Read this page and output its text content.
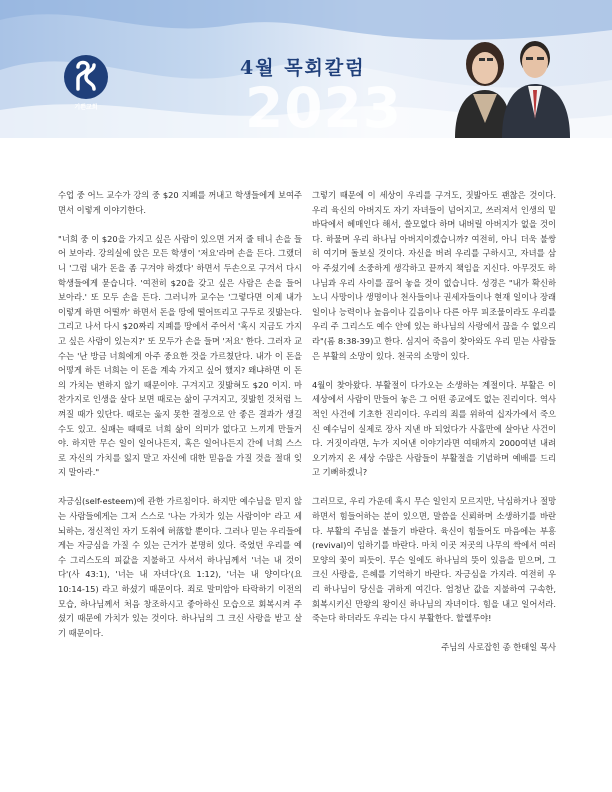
기쁜교회
4월 목회칼럼
2023

수업 중 어느 교수가 강의 중 $20 지폐를 꺼내고 학생들에게 보여주면서 이렇게 이야기한다.

"너희 중 이 $20을 가지고 싶은 사람이 있으면 거저 줄 테니 손을 들어 보아라. 강의실에 앉은 모든 학생이 '저요'라며 손을 든다. 그랬더니 '그럼 내가 돈을 좀 구겨야 하겠다' 하면서 두손으로 구겨서 다시 학생들에게 묻습니다. '여전히 $20을 갖고 싶은 사람은 손을 들어 보아라.' 또 모두 손을 든다. 그러니까 교수는 '그렇다면 이제 내가 이렇게 하면 어떨까' 하면서 돈을 땅에 떨어뜨리고 구두로 짓밟는다. 그리고 나서 다시 $20짜리 지폐를 땅에서 주어서 '혹시 지금도 가지고 싶은 사람이 있는지?' 또 모두가 손을 들며 '저요' 한다. 그러자 교수는 '난 방금 너희에게 아주 중요한 것을 가르쳤단다. 내가 이 돈을 어떻게 하든 너희는 이 돈을 계속 가지고 싶어 했지? 왜냐하면 이 돈의 가치는 변하지 않기 때문이야. 구겨지고 짓밟혀도 $20 이지. 마찬가지로 인생을 살다 보면 때로는 삶이 구겨지고, 짓밟힌 것처럼 느껴질 때가 있단다. 때로는 옳지 못한 결정으로 안 좋은 결과가 생길 수도 있고. 실패는 때때로 너희 삶이 의미가 없다고 느끼게 만들거야. 하지만 무슨 일이 일어나든지, 혹은 일어나든지 간에 너희 스스로 자신의 가치를 잃지 말고 자신에 대한 믿음을 가질 것을 절대 잊지 말아라."

자긍심(self-esteem)에 관한 가르침이다. 하지만 예수님을 믿지 않는 사람들에게는 그저 스스로 '나는 가치가 있는 사람이야' 라고 세뇌하는, 정신적인 자기 도취에 허落할 뿐이다. 그러나 믿는 우리들에게는 자긍심을 가질 수 있는 근거가 분명히 있다. 죽었던 우리를 예수 그리스도의 피값을 지불하고 사셔서 하나님께서 '너는 내 것이다'(사 43:1), '너는 내 자녀다'(요 1:12), '너는 내 양이다'(요 10:14-15) 라고 하셨기 때문이다. 죄로 말미암아 타락하기 이전의 모습, 하나님께서 처음 창조하시고 좋아하신 모습으로 회복시켜 주셨기 때문에 가치가 있는 것이다. 하나님의 그 크신 사랑을 받고 살기 때문이다.

그렇기 때문에 이 세상이 우리를 구겨도, 짓밟아도 괜찮은 것이다. 우리 육신의 아버지도 자기 자녀들이 넘어지고, 쓰러져서 인생의 밑바닥에서 헤매인다 해서, 쓸모없다 하며 내버릴 아버지가 없을 것이다. 하물며 우리 하나님 아버지이겠습니까? 여전히, 아니 더욱 불쌍히 여기며 돌보실 것이다. 자신을 버려 우리를 구하시고, 자녀를 삼아 주셨기에 소중하게 생각하고 끝까지 책임을 지신다. 아무것도 하나님과 우리 사이를 끊어 놓을 것이 없습니다. 성경은 "내가 확신하노니 사망이나 생명이나 천사들이나 권세자들이나 현재 일이나 장래 일이나 능력이나 높음이나 깊음이나 다른 아무 피조물이라도 우리를 우리 주 그리스도 예수 안에 있는 하나님의 사랑에서 끊을 수 없으리라"(롬 8:38-39)고 한다. 심지어 죽음이 찾아와도 우리 믿는 사람들은 부활의 소망이 있다. 천국의 소망이 있다.

4월이 찾아왔다. 부활절이 다가오는 소생하는 계절이다. 부활은 이 세상에서 사람이 만들어 놓은 그 어떤 종교에도 없는 진리이다. 역사적인 사건에 기초한 진리이다. 우리의 죄를 위하여 십자가에서 죽으신 예수님이 실제로 장사 지낸 바 되었다가 사흘만에 살아난 사건이다. 거짓이라면, 누가 지어낸 이야기라면 여태까지 2000여년 내려오기까지 온 세상 수많은 사람들이 부활절을 기념하며 예배를 드리고 기뻐하겠니?

그러므로, 우리 가운데 혹시 무슨 일인지 모르지만, 낙심하거나 절망하면서 힘들어하는 분이 있으면, 말씀을 신뢰하며 소생하기를 바란다. 부활의 주님을 붙들기 바란다. 육신이 힘들어도 마음에는 부흥(revival)이 임하기를 바란다. 마치 이곳 저곳의 나무의 싹에서 여러 모양의 꽃이 피듯이. 무슨 일에도 하나님의 뜻이 있음을 믿으며, 그 크신 사랑을, 은혜를 기억하기 바란다. 자긍심을 가지라. 여전히 우리 하나님이 당신을 귀하게 여긴다. 엄청난 값을 지불하여 구속한, 회복시키신 만왕의 왕이신 하나님의 자녀이다. 힘을 내고 일어서라. 죽는다 하더라도 우리는 다시 부활한다. 할렐루야!

주님의 사로잡힌 종 한태일 목사
